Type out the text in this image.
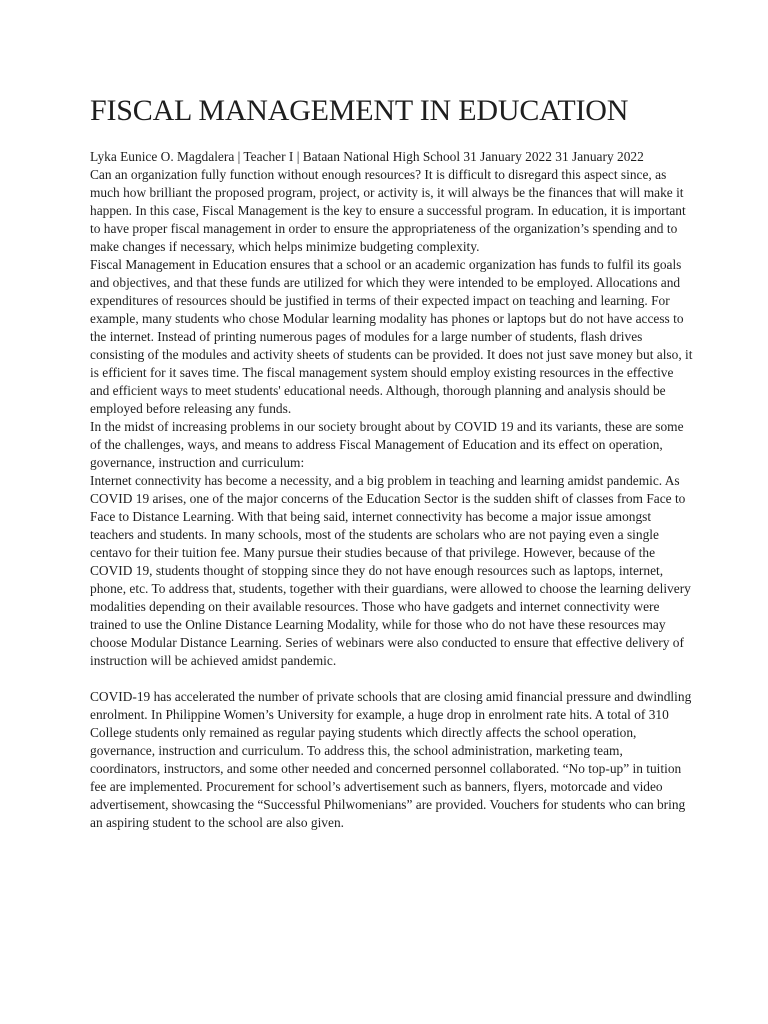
FISCAL MANAGEMENT IN EDUCATION

Lyka Eunice O. Magdalera | Teacher I | Bataan National High School 31 January 2022 31 January 2022

Can an organization fully function without enough resources? It is difficult to disregard this aspect since, as much how brilliant the proposed program, project, or activity is, it will always be the finances that will make it happen. In this case, Fiscal Management is the key to ensure a successful program. In education, it is important to have proper fiscal management in order to ensure the appropriateness of the organization’s spending and to make changes if necessary, which helps minimize budgeting complexity.

Fiscal Management in Education ensures that a school or an academic organization has funds to fulfil its goals and objectives, and that these funds are utilized for which they were intended to be employed. Allocations and expenditures of resources should be justified in terms of their expected impact on teaching and learning. For example, many students who chose Modular learning modality has phones or laptops but do not have access to the internet. Instead of printing numerous pages of modules for a large number of students, flash drives consisting of the modules and activity sheets of students can be provided. It does not just save money but also, it is efficient for it saves time. The fiscal management system should employ existing resources in the effective and efficient ways to meet students' educational needs. Although, thorough planning and analysis should be employed before releasing any funds.

In the midst of increasing problems in our society brought about by COVID 19 and its variants, these are some of the challenges, ways, and means to address Fiscal Management of Education and its effect on operation, governance, instruction and curriculum:

Internet connectivity has become a necessity, and a big problem in teaching and learning amidst pandemic. As COVID 19 arises, one of the major concerns of the Education Sector is the sudden shift of classes from Face to Face to Distance Learning. With that being said, internet connectivity has become a major issue amongst teachers and students. In many schools, most of the students are scholars who are not paying even a single centavo for their tuition fee. Many pursue their studies because of that privilege. However, because of the COVID 19, students thought of stopping since they do not have enough resources such as laptops, internet, phone, etc. To address that, students, together with their guardians, were allowed to choose the learning delivery modalities depending on their available resources. Those who have gadgets and internet connectivity were trained to use the Online Distance Learning Modality, while for those who do not have these resources may choose Modular Distance Learning. Series of webinars were also conducted to ensure that effective delivery of instruction will be achieved amidst pandemic.

COVID-19 has accelerated the number of private schools that are closing amid financial pressure and dwindling enrolment. In Philippine Women’s University for example, a huge drop in enrolment rate hits. A total of 310 College students only remained as regular paying students which directly affects the school operation, governance, instruction and curriculum. To address this, the school administration, marketing team, coordinators, instructors, and some other needed and concerned personnel collaborated. “No top-up” in tuition fee are implemented. Procurement for school’s advertisement such as banners, flyers, motorcade and video advertisement, showcasing the “Successful Philwomenians” are provided. Vouchers for students who can bring an aspiring student to the school are also given.
